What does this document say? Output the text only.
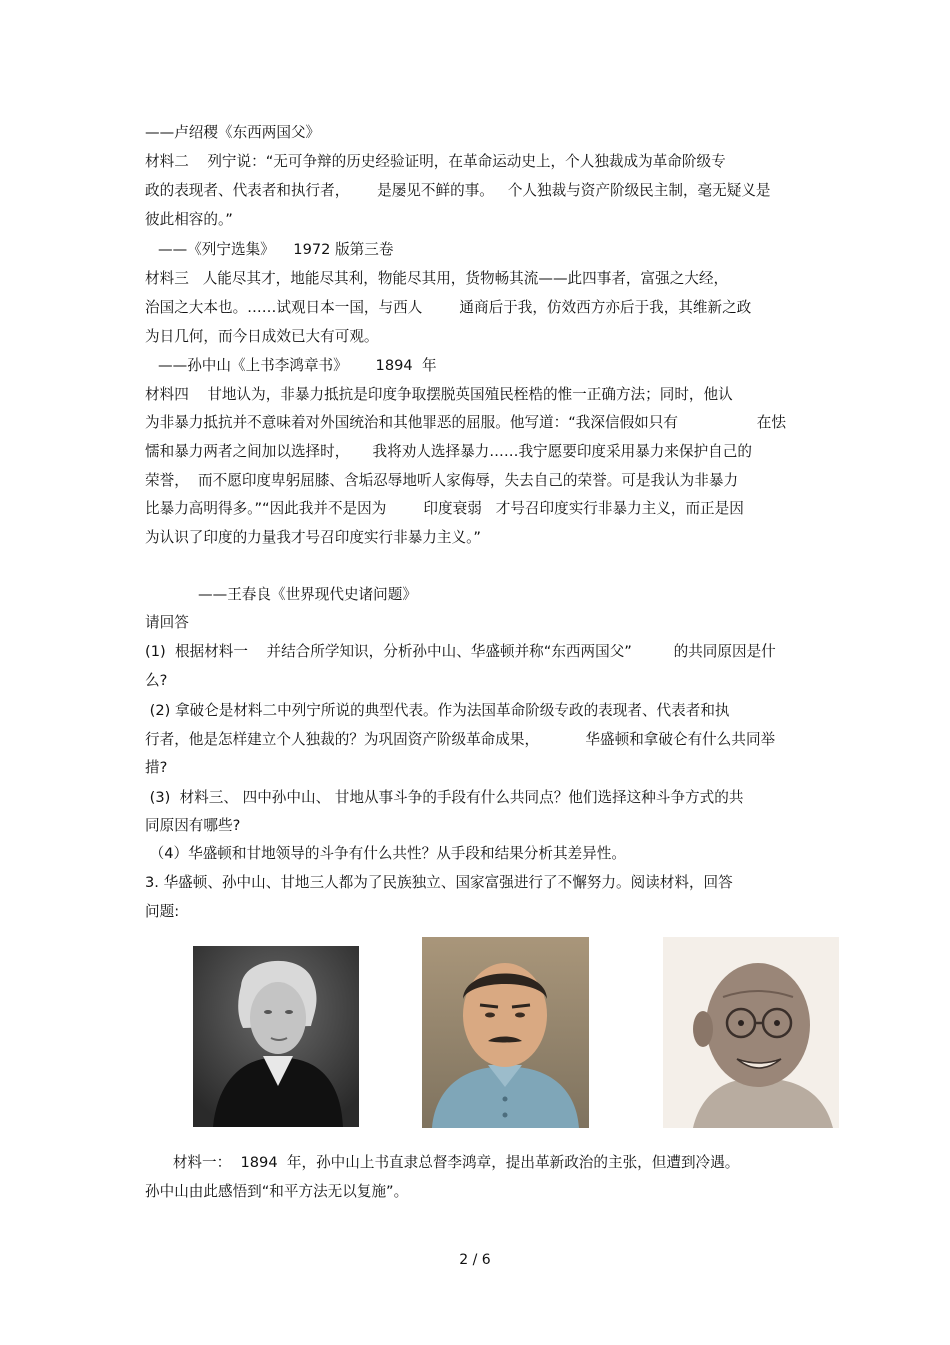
——卢绍稷《东西两国父》
材料二    列宁说：“无可争辩的历史经验证明，在革命运动史上，个人独裁成为革命阶级专
政的表现者、代表者和执行者，      是屡见不鲜的事。   个人独裁与资产阶级民主制，毫无疑义是
彼此相容的。”
——《列宁选集》    1972 版第三卷
材料三   人能尽其才，地能尽其利，物能尽其用，货物畅其流——此四事者，富强之大经，
治国之大本也。……试观日本一国，与西人        通商后于我，仿效西方亦后于我，其维新之政
为日几何，而今日成效已大有可观。
——孙中山《上书李鸿章书》      1894  年
材料四    甘地认为，非暴力抵抗是印度争取摆脱英国殖民桎梏的惟一正确方法；同时，他认
为非暴力抵抗并不意味着对外国统治和其他罪恶的屈服。他写道：“我深信假如只有                 在怯
懦和暴力两者之间加以选择时，     我将劝人选择暴力……我宁愿要印度采用暴力来保护自己的
荣誉，  而不愿印度卑躬屈膝、含垢忍辱地听人家侮辱，失去自己的荣誉。可是我认为非暴力
比暴力高明得多。”“因此我并不是因为        印度衰弱   才号召印度实行非暴力主义，而正是因
为认识了印度的力量我才号召印度实行非暴力主义。”
——王春良《世界现代史诸问题》
请回答
(1)  根据材料一    并结合所学知识，分析孙中山、华盛顿并称“东西两国父”         的共同原因是什
么?
(2) 拿破仑是材料二中列宁所说的典型代表。作为法国革命阶级专政的表现者、代表者和执
行者，他是怎样建立个人独裁的？为巩固资产阶级革命成果，          华盛顿和拿破仑有什么共同举
措?
(3)  材料三、 四中孙中山、 甘地从事斗争的手段有什么共同点？他们选择这种斗争方式的共
同原因有哪些?
（4）华盛顿和甘地领导的斗争有什么共性？从手段和结果分析其差异性。
3. 华盛顿、孙中山、甘地三人都为了民族独立、国家富强进行了不懈努力。阅读材料，回答
问题:
材料一：  1894  年，孙中山上书直隶总督李鸿章，提出革新政治的主张，但遭到冷遇。
孙中山由此感悟到“和平方法无以复施”。
2 / 6
